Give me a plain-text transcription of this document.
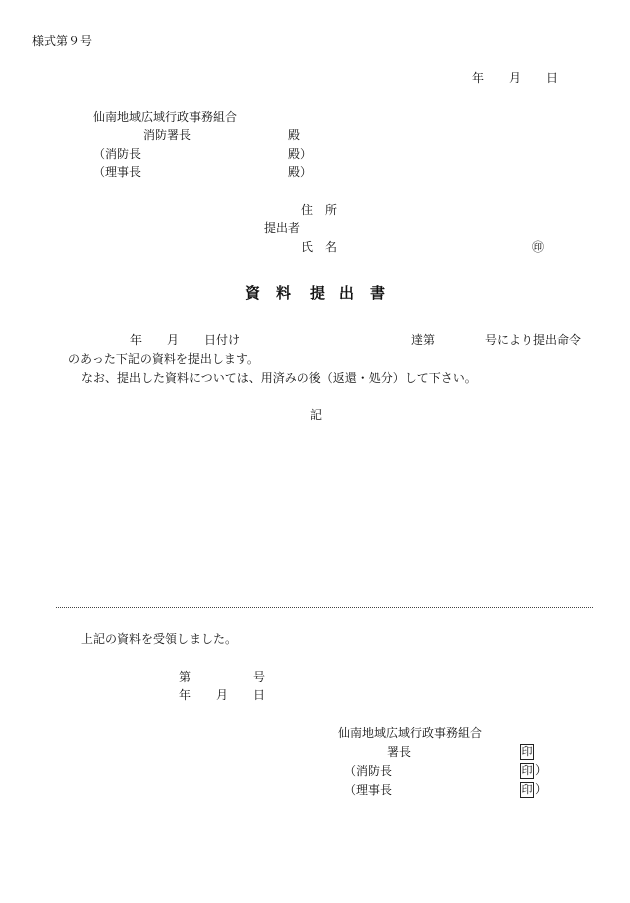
様式第９号
年 月 日
仙南地域広域行政事務組合
消防署長	殿
（消防長	殿）
（理事長	殿）
住　所
提出者
氏　名	㊞
資 料 提 出 書
年 月 日付け	達第	号により提出命令
のあった下記の資料を提出します。
なお、提出した資料については、用済みの後（返還・処分）して下さい。
記
上記の資料を受領しました。
第	号
年 月 日
仙南地域広域行政事務組合
署長	印
（消防長	印 ）
（理事長	印 ）
